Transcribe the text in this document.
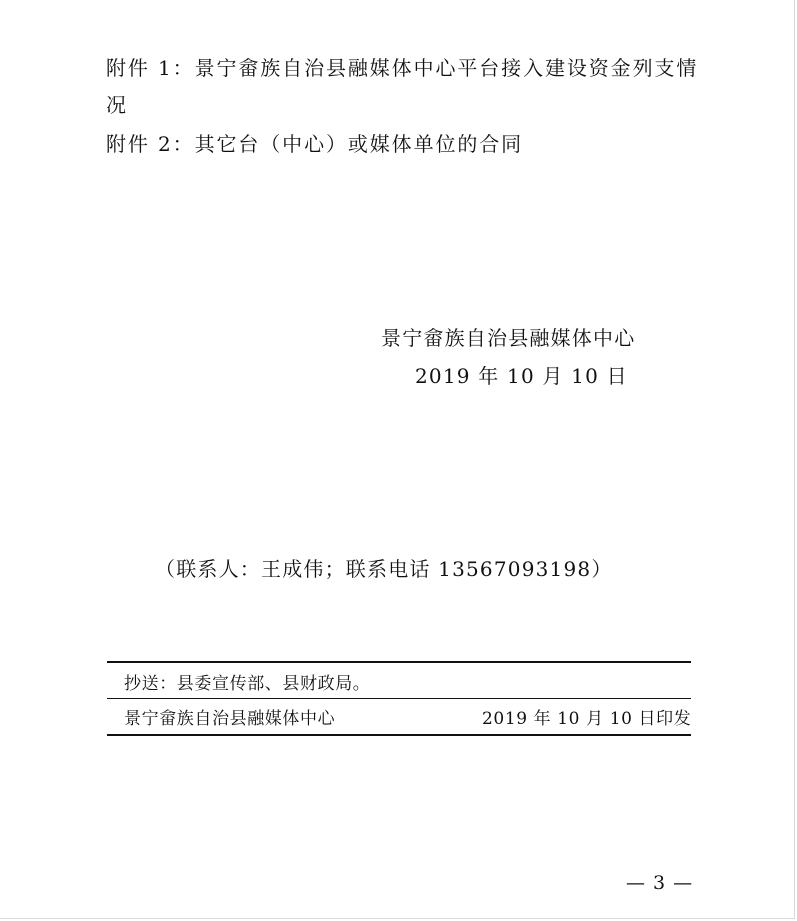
附件 1：景宁畲族自治县融媒体中心平台接入建设资金列支情
况
附件 2：其它台（中心）或媒体单位的合同
景宁畲族自治县融媒体中心
2019 年 10 月 10 日
（联系人：王成伟；联系电话 13567093198）
抄送：县委宣传部、县财政局。
景宁畲族自治县融媒体中心	2019 年 10 月 10 日印发
— 3 —
